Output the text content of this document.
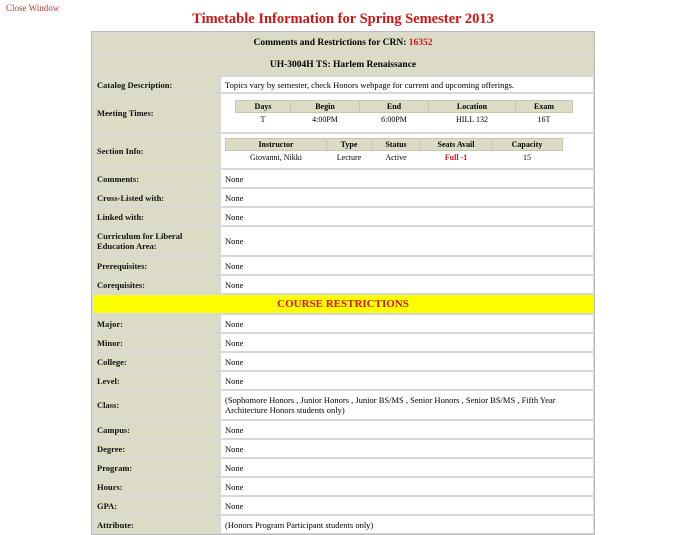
Close Window
Timetable Information for Spring Semester 2013
Comments and Restrictions for CRN: 16352
UH-3004H TS: Harlem Renaissance
Catalog Description:	Topics vary by semester, check Honors webpage for current and upcoming offerings.
Meeting Times:	
Days	Begin	End	Location	Exam
T	4:00PM	6:00PM	HILL 132	16T

Section Info:	
Instructor	Type	Status	Seats Avail	Capacity
Giovanni, Nikki	Lecture	Active	Full -1	15

Comments:	None
Cross-Listed with:	None
Linked with:	None
Curriculum for Liberal Education Area:	None
Prerequisites:	None
Corequisites:	None
COURSE RESTRICTIONS
Major:	None
Minor:	None
College:	None
Level:	None
Class:	(Sophomore Honors , Junior Honors , Junior BS/MS , Senior Honors , Senior BS/MS , Fifth Year Architecture Honors students only)
Campus:	None
Degree:	None
Program:	None
Hours:	None
GPA:	None
Attribute:	(Honors Program Participant students only)
